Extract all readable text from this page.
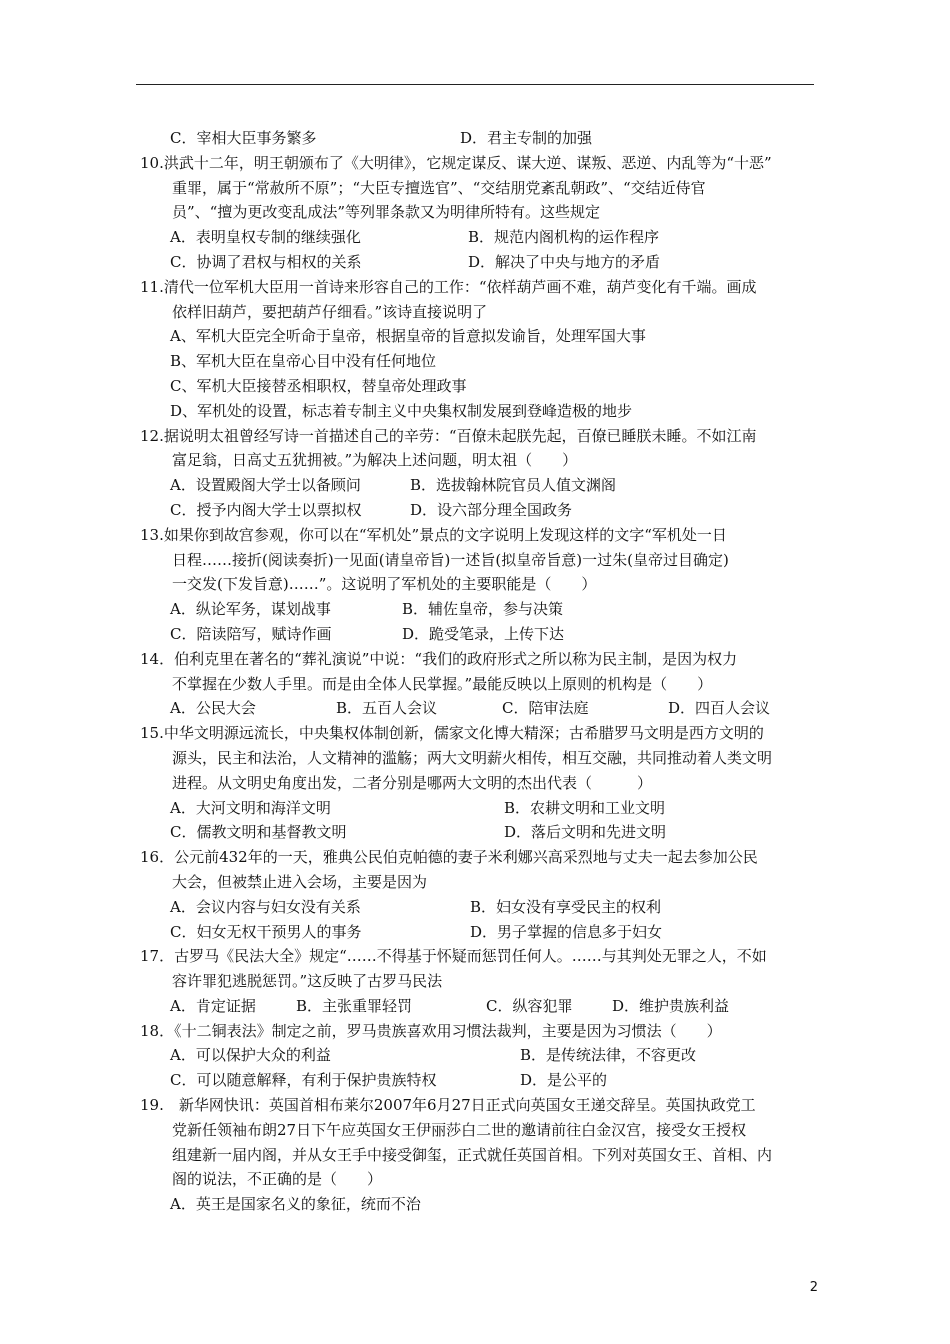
C．宰相大臣事务繁多	D．君主专制的加强
10.洪武十二年，明王朝颁布了《大明律》，它规定谋反、谋大逆、谋叛、恶逆、内乱等为“十恶”
重罪，属于“常赦所不原”；“大臣专擅选官”、“交结朋党紊乱朝政”、“交结近侍官
员”、“擅为更改变乱成法”等列罪条款又为明律所特有。这些规定
A．表明皇权专制的继续强化	B．规范内阁机构的运作程序
C．协调了君权与相权的关系	D．解决了中央与地方的矛盾
11.清代一位军机大臣用一首诗来形容自己的工作：“依样葫芦画不难，葫芦变化有千端。画成
依样旧葫芦，要把葫芦仔细看。”该诗直接说明了
A、军机大臣完全听命于皇帝，根据皇帝的旨意拟发谕旨，处理军国大事
B、军机大臣在皇帝心目中没有任何地位
C、军机大臣接替丞相职权，替皇帝处理政事
D、军机处的设置，标志着专制主义中央集权制发展到登峰造极的地步
12.据说明太祖曾经写诗一首描述自己的辛劳：“百僚未起朕先起，百僚已睡朕未睡。不如江南
富足翁，日高丈五犹拥被。”为解决上述问题，明太祖（　　）
A．设置殿阁大学士以备顾问	B．选拔翰林院官员人值文渊阁
C．授予内阁大学士以票拟权	D．设六部分理全国政务
13.如果你到故宫参观，你可以在“军机处”景点的文字说明上发现这样的文字“军机处一日
日程……接折(阅读奏折)一见面(请皇帝旨)一述旨(拟皇帝旨意)一过朱(皇帝过目确定)
一交发(下发旨意)……”。这说明了军机处的主要职能是（　　）
A．纵论军务，谋划战事	B．辅佐皇帝，参与决策
C．陪读陪写，赋诗作画	D．跪受笔录，上传下达
14．伯利克里在著名的“葬礼演说”中说：“我们的政府形式之所以称为民主制，是因为权力
不掌握在少数人手里。而是由全体人民掌握。”最能反映以上原则的机构是（　　）
A．公民大会	B．五百人会议	C．陪审法庭	D．四百人会议
15.中华文明源远流长，中央集权体制创新，儒家文化博大精深；古希腊罗马文明是西方文明的
源头，民主和法治，人文精神的滥觞；两大文明薪火相传，相互交融，共同推动着人类文明
进程。从文明史角度出发，二者分别是哪两大文明的杰出代表（　　　）
A．大河文明和海洋文明	B．农耕文明和工业文明
C．儒教文明和基督教文明	D．落后文明和先进文明
16．公元前432年的一天，雅典公民伯克帕德的妻子米利娜兴高采烈地与丈夫一起去参加公民
大会，但被禁止进入会场，主要是因为
A．会议内容与妇女没有关系	B．妇女没有享受民主的权利
C．妇女无权干预男人的事务	D．男子掌握的信息多于妇女
17．古罗马《民法大全》规定“……不得基于怀疑而惩罚任何人。……与其判处无罪之人，不如
容许罪犯逃脱惩罚。”这反映了古罗马民法
A．肯定证据	B．主张重罪轻罚	C．纵容犯罪	D．维护贵族利益
18．《十二铜表法》制定之前，罗马贵族喜欢用习惯法裁判，主要是因为习惯法（　　）
A．可以保护大众的利益	B．是传统法律，不容更改
C．可以随意解释，有利于保护贵族特权	D．是公平的
19.　新华网快讯：英国首相布莱尔2007年6月27日正式向英国女王递交辞呈。英国执政党工
党新任领袖布朗27日下午应英国女王伊丽莎白二世的邀请前往白金汉宫，接受女王授权
组建新一届内阁，并从女王手中接受御玺，正式就任英国首相。下列对英国女王、首相、内
阁的说法，不正确的是（　　）
A．英王是国家名义的象征，统而不治
2
